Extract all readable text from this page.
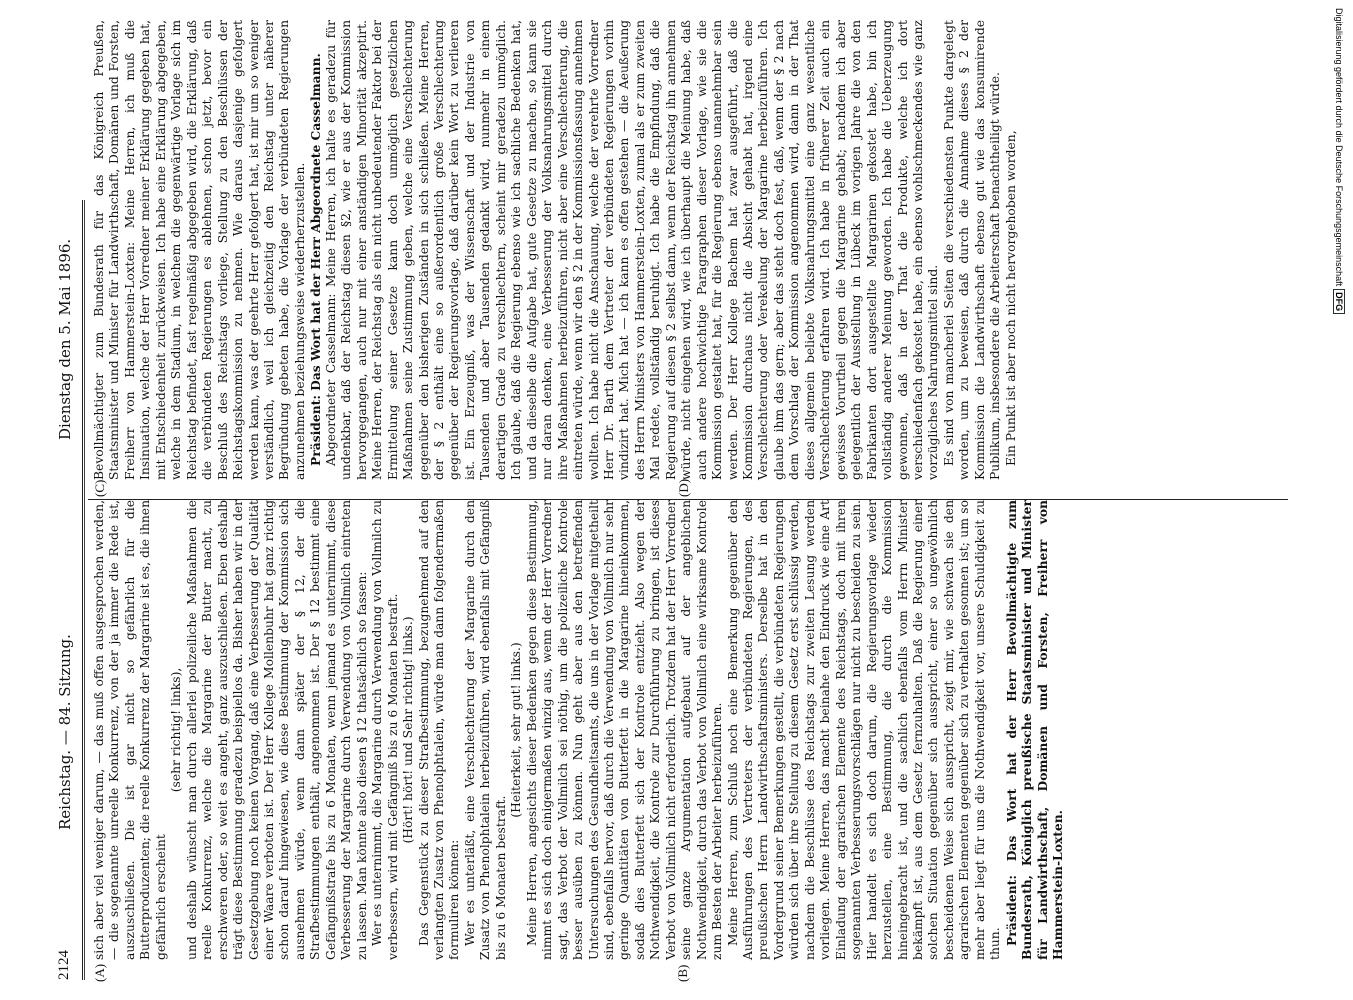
2124
Reichstag. — 84. Sitzung.
Dienstag den 5. Mai 1896.
(A)	(B)
(C)	(D)

sich aber viel weniger darum, — das muß offen ausgesprochen werden, — die sogenannte unreelle Konkurrenz, von der ja immer die Rede ist, auszuschließen. Die ist gar nicht so gefährlich für die Butterproduzenten; die reelle Konkurrenz der Margarine ist es, die ihnen gefährlich erscheint

(sehr richtig! links), und deshalb wünscht man durch allerlei polizeiliche Maßnahmen die reelle Konkurrenz, welche die Margarine der Butter macht, zu erschweren oder, so weit es angeht, ganz auszuschließen. Eben deshalb trägt diese Bestimmung geradezu beispiellos da. Bisher haben wir in der Gesetzgebung noch keinen Vorgang, daß eine Verbesserung der Qualität einer Waare verboten ist. Der Herr Kollege Mollenbuhr hat ganz richtig schon darauf hingewiesen, wie diese Bestimmung der Kommission sich ausnehmen würde, wenn dann später der § 12, der die Strafbestimmungen enthält, angenommen ist. Der § 12 bestimmt eine Gefängnißstrafe bis zu 6 Monaten, wenn jemand es unternimmt, diese Verbesserung der Margarine durch Verwendung von Vollmilch eintreten zu lassen. Man könnte also diesen § 12 thatsächlich so fassen: Wer es unternimmt, die Margarine durch Verwendung von Vollmilch zu verbessern, wird mit Gefängniß bis zu 6 Monaten bestraft. (Hört! hört! und Sehr richtig! links.) Das Gegenstück zu dieser Strafbestimmung, bezugnehmend auf den verlangten Zusatz von Phenolphtalein, würde man dann folgendermaßen formuliren können: Wer es unterläßt, eine Verschlechterung der Margarine durch den Zusatz von Phenolphtalein herbeizuführen, wird ebenfalls mit Gefängniß bis zu 6 Monaten bestraft.

(Heiterkeit, sehr gut! links.) Meine Herren, angesichts dieser Bedenken gegen diese Bestimmung, nimmt es sich doch einigermaßen winzig aus, wenn der Herr Vorredner sagt, das Verbot der Vollmilch sei nöthig, um die polizeiliche Kontrole besser ausüben zu können. Nun geht aber aus den betreffenden Untersuchungen des Gesundheitsamts, die uns in der Vorlage mitgetheilt sind, ebenfalls hervor, daß durch die Verwendung von Vollmilch nur sehr geringe Quantitäten von Butterfett in die Margarine hineinkommen, sodaß dies Butterfett sich der Kontrole entzieht. Also wegen der Nothwendigkeit, die Kontrole zur Durchführung zu bringen, ist dieses Verbot von Vollmilch nicht erforderlich. Trotzdem hat der Herr Vorredner seine ganze Argumentation aufgebaut auf der angeblichen Nothwendigkeit, durch das Verbot von Vollmilch eine wirksame Kontrole zum Besten der Arbeiter herbeizuführen. Meine Herren, zum Schluß noch eine Bemerkung gegenüber den Ausführungen des Vertreters der verbündeten Regierungen, des preußischen Herrn Landwirthschaftsministers. Derselbe hat in den Vordergrund seiner Bemerkungen gestellt, die verbündeten Regierungen würden sich über ihre Stellung zu diesem Gesetz erst schlüssig werden, nachdem die Beschlüsse des Reichstags zur zweiten Lesung werden vorliegen. Meine Herren, das macht beinahe den Eindruck wie eine Art Einladung der agrarischen Elemente des Reichstags, doch mit ihren sogenannten Verbesserungsvorschlägen nur nicht zu bescheiden zu sein. Hier handelt es sich doch darum, die Regierungsvorlage wieder herzustellen, eine Bestimmung, die durch die Kommission hineingebracht ist, und die sachlich ebenfalls vom Herrn Minister bekämpft ist, aus dem Gesetz fernzuhalten. Daß die Regierung einer solchen Situation gegenüber sich ausspricht, einer so ungewöhnlich bescheidenen Weise sich ausspricht, zeigt mir, wie schwach sie den agrarischen Elementen gegenüber sich zu verhalten gesonnen ist; um so mehr aber liegt für uns die Nothwendigkeit vor, unsere Schuldigkeit zu thun. Präsident: Das Wort hat der Herr Bevollmächtigte zum Bundesrath, Königlich preußische Staatsminister und Minister für Landwirthschaft, Domänen und Forsten, Freiherr von Hammerstein-Loxten.

Bevollmächtigter zum Bundesrath für das Königreich Preußen, Staatsminister und Minister für Landwirthschaft, Domänen und Forsten, Freiherr von Hammerstein-Loxten: Meine Herren, ich muß die Insinuation, welche der Herr Vorredner meiner Erklärung gegeben hat, mit Entschiedenheit zurückweisen. Ich habe eine Erklärung abgegeben, welche in dem Stadium, in welchem die gegenwärtige Vorlage sich im Reichstag befindet, fast regelmäßig abgegeben wird, die Erklärung, daß die verbündeten Regierungen es ablehnen, schon jetzt, bevor ein Beschluß des Reichstags vorliege, Stellung zu den Beschlüssen der Reichstagskommission zu nehmen. Wie daraus dasjenige gefolgert werden kann, was der geehrte Herr gefolgert hat, ist mir um so weniger verständlich, weil ich gleichzeitig den Reichstag unter näherer Begründung gebeten habe, die Vorlage der verbündeten Regierungen anzunehmen beziehungsweise wiederherzustellen. Präsident: Das Wort hat der Herr Abgeordnete Casselmann. Abgeordneter Casselmann: Meine Herren, ich halte es geradezu für undenkbar, daß der Reichstag diesen §2, wie er aus der Kommission hervorgegangen, auch nur mit einer anständigen Minorität akzeptirt. Meine Herren, der Reichstag als ein nicht unbedeutender Faktor bei der Ermittelung seiner Gesetze kann doch unmöglich gesetzlichen Maßnahmen seine Zustimmung geben, welche eine Verschlechterung gegenüber den bisherigen Zuständen in sich schließen. Meine Herren, der § 2 enthält eine so außerordentlich große Verschlechterung gegenüber der Regierungsvorlage, daß darüber kein Wort zu verlieren ist. Ein Erzeugniß, was der Wissenschaft und der Industrie von Tausenden und aber Tausenden gedankt wird, nunmehr in einem derartigen Grade zu verschlechtern, scheint mir geradezu unmöglich. Ich glaube, daß die Regierung ebenso wie ich sachliche Bedenken hat, und da dieselbe die Aufgabe hat, gute Gesetze zu machen, so kann sie nur daran denken, eine Verbesserung der Volksnahrungsmittel durch ihre Maßnahmen herbeizuführen, nicht aber eine Verschlechterung, die eintreten würde, wenn wir den § 2 in der Kommissionsfassung annehmen wollten. Ich habe nicht die Anschauung, welche der verehrte Vorredner Herr Dr. Barth dem Vertreter der verbündeten Regierungen vorhin vindizirt hat. Mich hat — ich kann es offen gestehen — die Aeußerung des Herrn Ministers von Hammerstein-Loxten, zumal als er zum zweiten Mal redete, vollständig beruhigt. Ich habe die Empfindung, daß die Regierung auf diesen § 2 selbst dann, wenn der Reichstag ihn annehmen würde, nicht eingehen wird, wie ich überhaupt die Meinung habe, daß auch andere hochwichtige Paragraphen dieser Vorlage, wie sie die Kommission gestaltet hat, für die Regierung ebenso unannehmbar sein werden. Der Herr Kollege Bachem hat zwar ausgeführt, daß die Kommission durchaus nicht die Absicht gehabt hat, irgend eine Verschlechterung oder Verekelung der Margarine herbeizuführen. Ich glaube ihm das gern; aber das steht doch fest, daß, wenn der § 2 nach dem Vorschlag der Kommission angenommen wird, dann in der That dieses allgemein beliebte Volksnahrungsmittel eine ganz wesentliche Verschlechterung erfahren wird. Ich habe in früherer Zeit auch ein gewisses Vorurtheil gegen die Margarine gehabt; nachdem ich aber gelegentlich der Ausstellung in Lübeck im vorigen Jahre die von den Fabrikanten dort ausgestellte Margarinen gekostet habe, bin ich vollständig anderer Meinung geworden. Ich habe die Ueberzeugung gewonnen, daß in der That die Produkte, welche ich dort verschiedenfach gekostet habe, ein ebenso wohlschmeckendes wie ganz vorzügliches Nahrungsmittel sind. Es sind von mancherlei Seiten die verschiedensten Punkte dargelegt worden, um zu beweisen, daß durch die Annahme dieses § 2 der Kommission die Landwirthschaft ebenso gut wie das konsumirende Publikum, insbesondere die Arbeiterschaft benachtheiligt würde. Ein Punkt ist aber noch nicht hervorgehoben worden,	Digitalisierung gefördert durch die Deutsche ForschungsgemeinschaftDFG
